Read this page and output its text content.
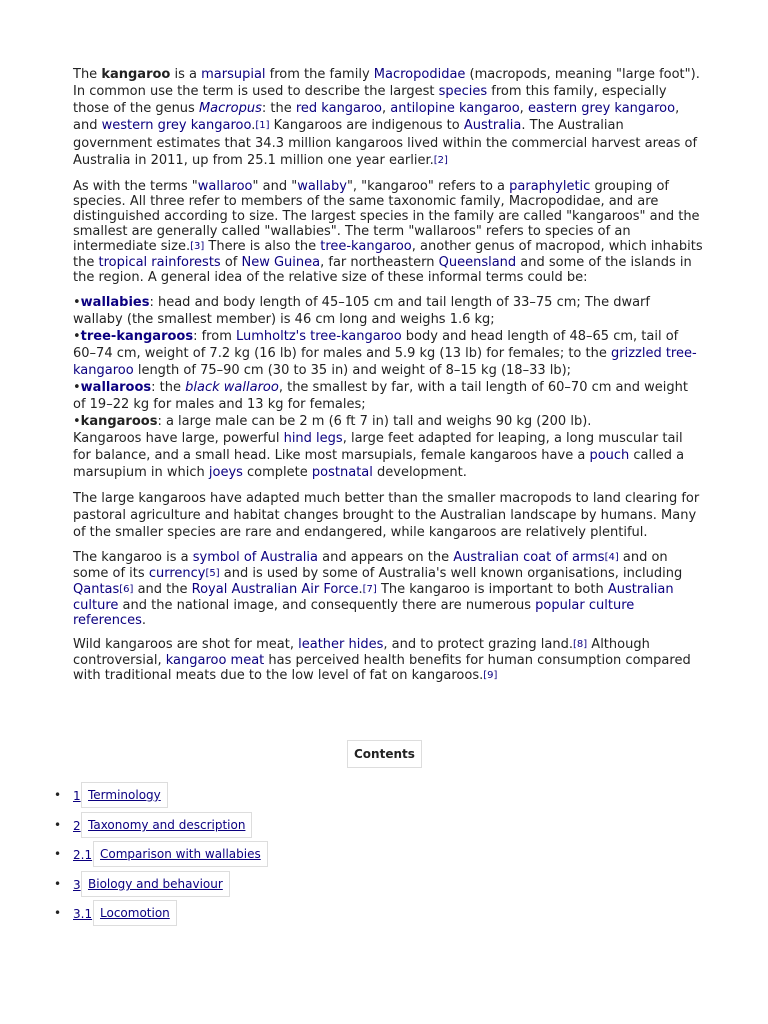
The kangaroo is a marsupial from the family Macropodidae (macropods, meaning "large foot"). In common use the term is used to describe the largest species from this family, especially those of the genus Macropus: the red kangaroo, antilopine kangaroo, eastern grey kangaroo, and western grey kangaroo.[1] Kangaroos are indigenous to Australia. The Australian government estimates that 34.3 million kangaroos lived within the commercial harvest areas of Australia in 2011, up from 25.1 million one year earlier.[2]

As with the terms "wallaroo" and "wallaby", "kangaroo" refers to a paraphyletic grouping of species. All three refer to members of the same taxonomic family, Macropodidae, and are distinguished according to size. The largest species in the family are called "kangaroos" and the smallest are generally called "wallabies". The term "wallaroos" refers to species of an intermediate size.[3] There is also the tree-kangaroo, another genus of macropod, which inhabits the tropical rainforests of New Guinea, far northeastern Queensland and some of the islands in the region. A general idea of the relative size of these informal terms could be:

•wallabies: head and body length of 45–105 cm and tail length of 33–75 cm; The dwarf wallaby (the smallest member) is 46 cm long and weighs 1.6 kg;
•tree-kangaroos: from Lumholtz's tree-kangaroo body and head length of 48–65 cm, tail of 60–74 cm, weight of 7.2 kg (16 lb) for males and 5.9 kg (13 lb) for females; to the grizzled tree-kangaroo length of 75–90 cm (30 to 35 in) and weight of 8–15 kg (18–33 lb);
•wallaroos: the black wallaroo, the smallest by far, with a tail length of 60–70 cm and weight of 19–22 kg for males and 13 kg for females;
•kangaroos: a large male can be 2 m (6 ft 7 in) tall and weighs 90 kg (200 lb).
Kangaroos have large, powerful hind legs, large feet adapted for leaping, a long muscular tail for balance, and a small head. Like most marsupials, female kangaroos have a pouch called a marsupium in which joeys complete postnatal development.

The large kangaroos have adapted much better than the smaller macropods to land clearing for pastoral agriculture and habitat changes brought to the Australian landscape by humans. Many of the smaller species are rare and endangered, while kangaroos are relatively plentiful.

The kangaroo is a symbol of Australia and appears on the Australian coat of arms[4] and on some of its currency[5] and is used by some of Australia's well known organisations, including Qantas[6] and the Royal Australian Air Force.[7] The kangaroo is important to both Australian culture and the national image, and consequently there are numerous popular culture references.

Wild kangaroos are shot for meat, leather hides, and to protect grazing land.[8] Although controversial, kangaroo meat has perceived health benefits for human consumption compared with traditional meats due to the low level of fat on kangaroos.[9]

Contents
• 1 Terminology
• 2 Taxonomy and description
• 2.1 Comparison with wallabies
• 3 Biology and behaviour
• 3.1 Locomotion
